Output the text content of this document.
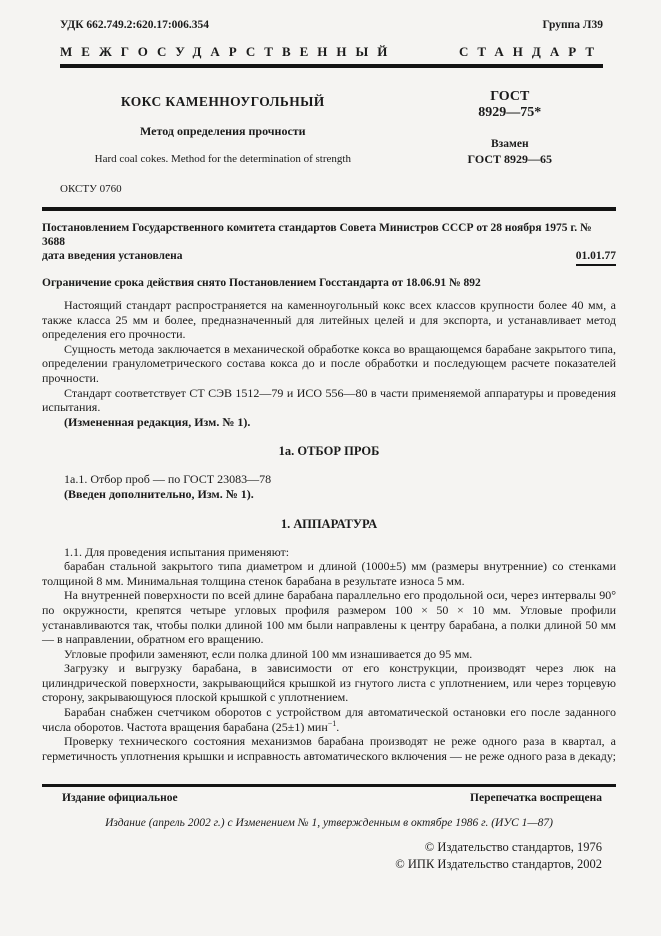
УДК 662.749.2:620.17:006.354	Группа Л39
МЕЖГОСУДАРСТВЕННЫЙ СТАНДАРТ
КОКС КАМЕННОУГОЛЬНЫЙ
Метод определения прочности
Hard coal cokes. Method for the determination of strength
ГОСТ
8929—75*
Взамен
ГОСТ 8929—65
ОКСТУ 0760
Постановлением Государственного комитета стандартов Совета Министров СССР от 28 ноября 1975 г. № 3688
дата введения установлена	01.01.77
Ограничение срока действия снято Постановлением Госстандарта от 18.06.91 № 892

Настоящий стандарт распространяется на каменноугольный кокс всех классов крупности более 40 мм, а также класса 25 мм и более, предназначенный для литейных целей и для экспорта, и устанавливает метод определения его прочности.

Сущность метода заключается в механической обработке кокса во вращающемся барабане закрытого типа, определении гранулометрического состава кокса до и после обработки и последующем расчете показателей прочности.

Стандарт соответствует СТ СЭВ 1512—79 и ИСО 556—80 в части применяемой аппаратуры и проведения испытания.

(Измененная редакция, Изм. № 1).

1а. ОТБОР ПРОБ

1а.1. Отбор проб — по ГОСТ 23083—78

(Введен дополнительно, Изм. № 1).

1. АППАРАТУРА

1.1. Для проведения испытания применяют:

барабан стальной закрытого типа диаметром и длиной (1000±5) мм (размеры внутренние) со стенками толщиной 8 мм. Минимальная толщина стенок барабана в результате износа 5 мм.

На внутренней поверхности по всей длине барабана параллельно его продольной оси, через интервалы 90° по окружности, крепятся четыре угловых профиля размером 100 × 50 × 10 мм. Угловые профили устанавливаются так, чтобы полки длиной 100 мм были направлены к центру барабана, а полки длиной 50 мм — в направлении, обратном его вращению.

Угловые профили заменяют, если полка длиной 100 мм изнашивается до 95 мм.

Загрузку и выгрузку барабана, в зависимости от его конструкции, производят через люк на цилиндрической поверхности, закрывающийся крышкой из гнутого листа с уплотнением, или через торцевую сторону, закрывающуюся плоской крышкой с уплотнением.

Барабан снабжен счетчиком оборотов с устройством для автоматической остановки его после заданного числа оборотов. Частота вращения барабана (25±1) мин$^{-1}$.

Проверку технического состояния механизмов барабана производят не реже одного раза в квартал, а герметичность уплотнения крышки и исправность автоматического включения — не реже одного раза в декаду;

Издание официальное	Перепечатка воспрещена
Издание (апрель 2002 г.) с Изменением № 1, утвержденным в октябре 1986 г. (ИУС 1—87)
© Издательство стандартов, 1976
© ИПК Издательство стандартов, 2002
